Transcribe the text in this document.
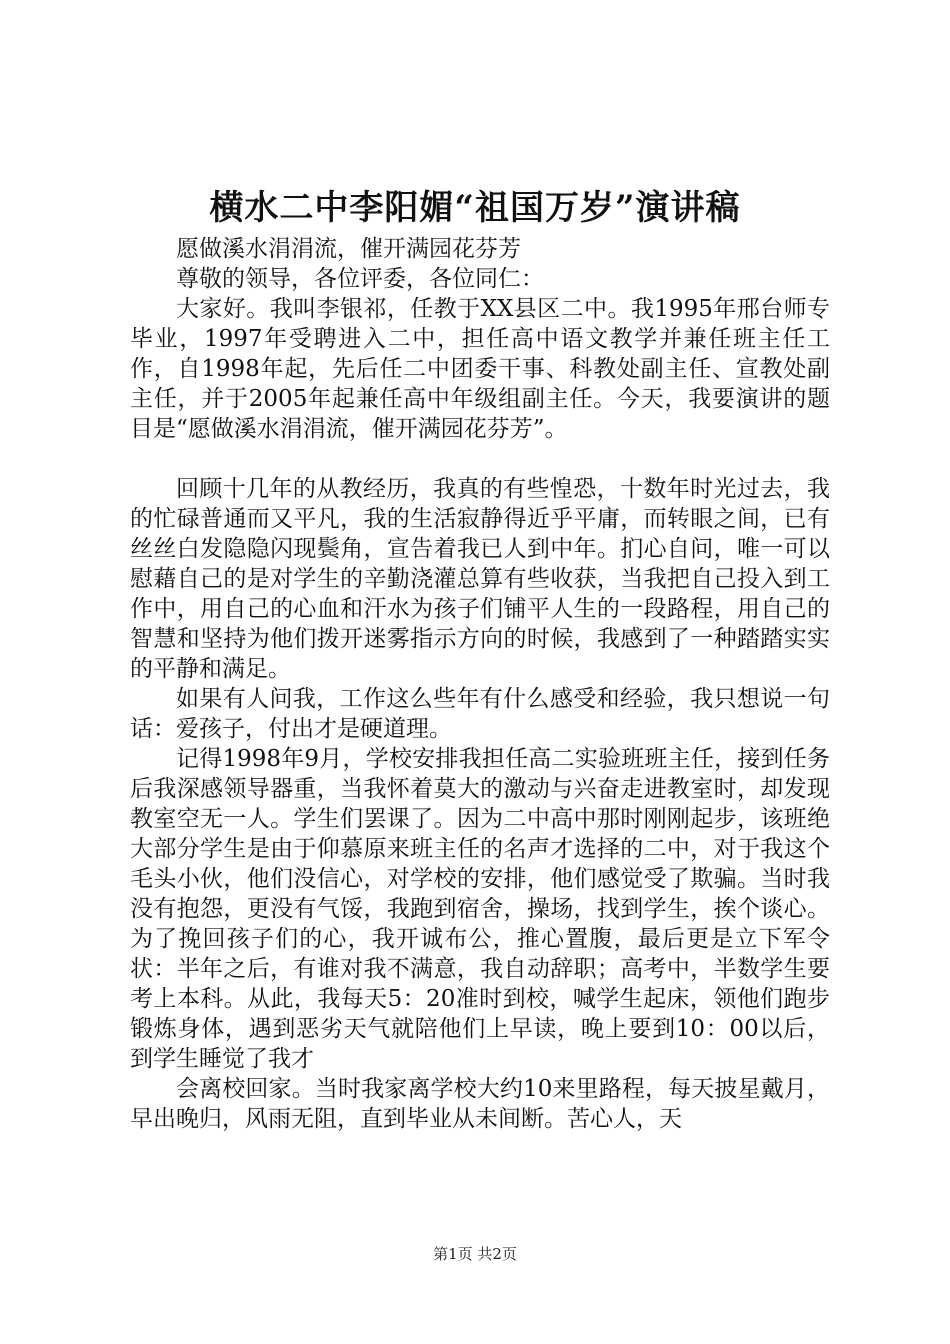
横水二中李阳媚“祖国万岁”演讲稿

愿做溪水涓涓流，催开满园花芬芳

尊敬的领导，各位评委，各位同仁：

大家好。我叫李银祁，任教于XX县区二中。我1995年邢台师专毕业，1997年受聘进入二中，担任高中语文教学并兼任班主任工作，自1998年起，先后任二中团委干事、科教处副主任、宣教处副主任，并于2005年起兼任高中年级组副主任。今天，我要演讲的题目是“愿做溪水涓涓流，催开满园花芬芳”。

回顾十几年的从教经历，我真的有些惶恐，十数年时光过去，我的忙碌普通而又平凡，我的生活寂静得近乎平庸，而转眼之间，已有丝丝白发隐隐闪现鬓角，宣告着我已人到中年。扪心自问，唯一可以慰藉自己的是对学生的辛勤浇灌总算有些收获，当我把自己投入到工作中，用自己的心血和汗水为孩子们铺平人生的一段路程，用自己的智慧和坚持为他们拨开迷雾指示方向的时候，我感到了一种踏踏实实的平静和满足。

如果有人问我，工作这么些年有什么感受和经验，我只想说一句话：爱孩子，付出才是硬道理。

记得1998年9月，学校安排我担任高二实验班班主任，接到任务后我深感领导器重，当我怀着莫大的激动与兴奋走进教室时，却发现教室空无一人。学生们罢课了。因为二中高中那时刚刚起步，该班绝大部分学生是由于仰慕原来班主任的名声才选择的二中，对于我这个毛头小伙，他们没信心，对学校的安排，他们感觉受了欺骗。当时我没有抱怨，更没有气馁，我跑到宿舍，操场，找到学生，挨个谈心。为了挽回孩子们的心，我开诚布公，推心置腹，最后更是立下军令状：半年之后，有谁对我不满意，我自动辞职；高考中，半数学生要考上本科。从此，我每天5：20准时到校，喊学生起床，领他们跑步锻炼身体，遇到恶劣天气就陪他们上早读，晚上要到10：00以后，到学生睡觉了我才

会离校回家。当时我家离学校大约10来里路程，每天披星戴月，早出晚归，风雨无阻，直到毕业从未间断。苦心人，天

第1页 共2页
